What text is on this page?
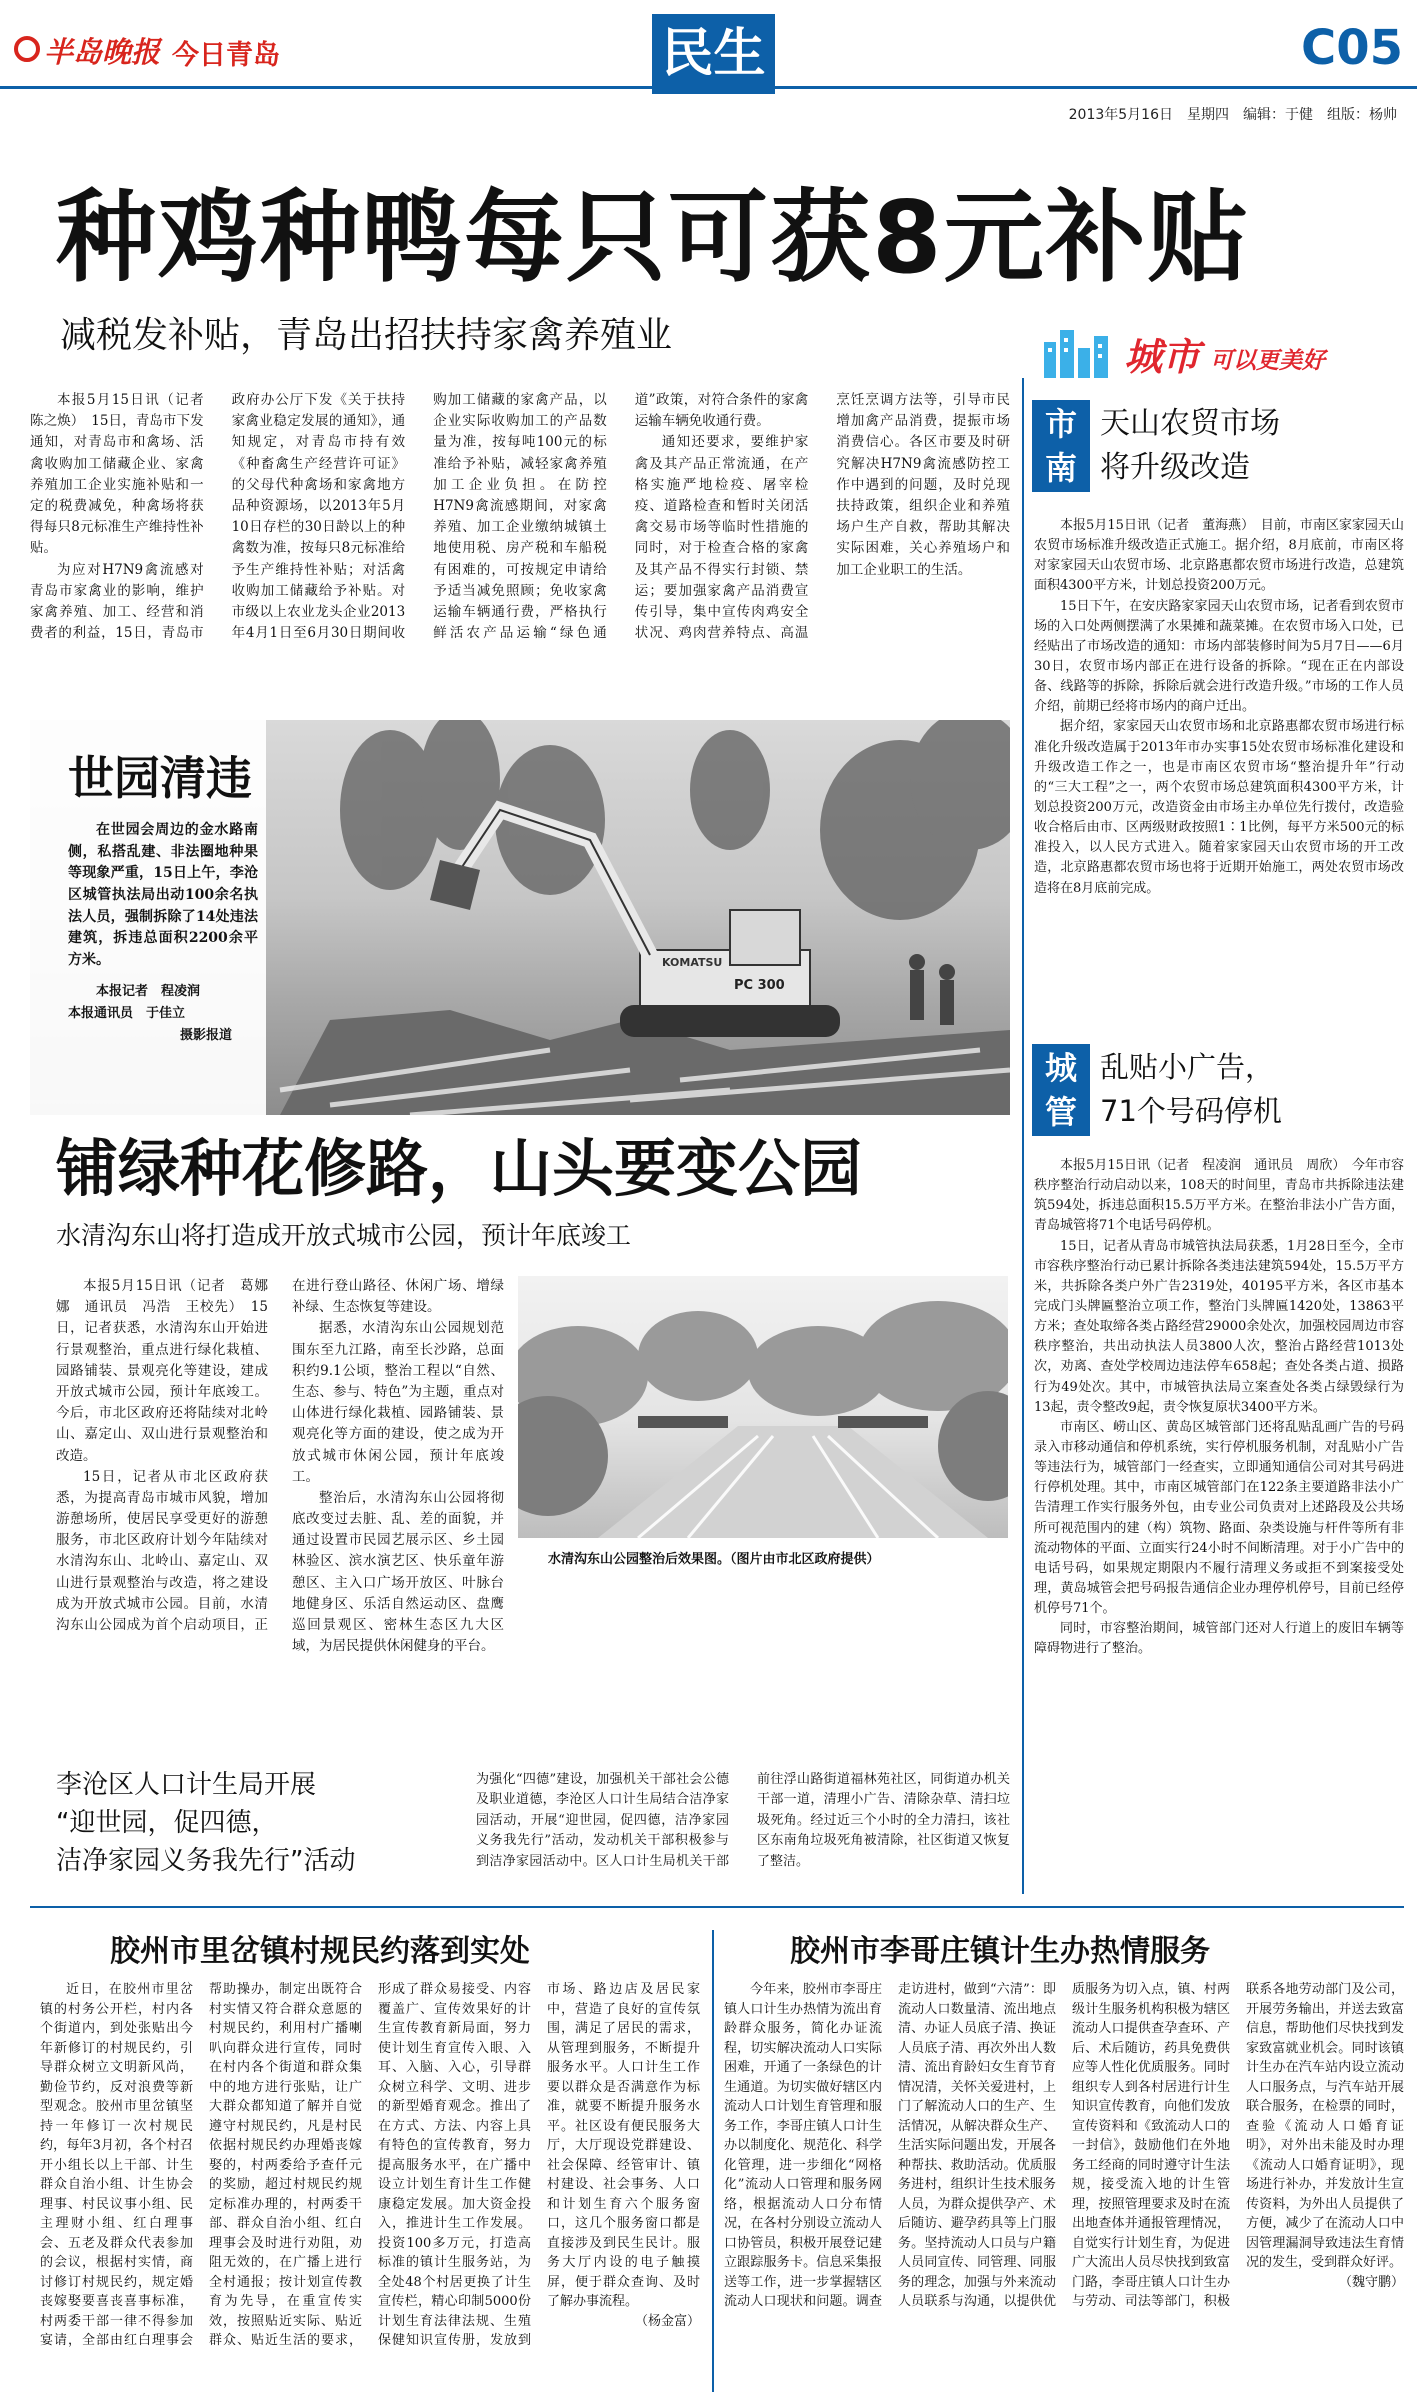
半岛晚报 今日青岛	民生	C05
2013年5月16日　星期四　编辑：于健　组版：杨帅
种鸡种鸭每只可获8元补贴
减税发补贴，青岛出招扶持家禽养殖业

本报5月15日讯（记者　陈之焕）　15日，青岛市下发通知，对青岛市和禽场、活禽收购加工储藏企业、家禽养殖加工企业实施补贴和一定的税费减免，种禽场将获得每只8元标准生产维持性补贴。

为应对H7N9禽流感对青岛市家禽业的影响，维护家禽养殖、加工、经营和消费者的利益，15日，青岛市政府办公厅下发《关于扶持家禽业稳定发展的通知》，通知规定，对青岛市持有效《种畜禽生产经营许可证》的父母代种禽场和家禽地方品种资源场，以2013年5月10日存栏的30日龄以上的种禽数为准，按每只8元标准给予生产维持性补贴；对活禽收购加工储藏给予补贴。对市级以上农业龙头企业2013年4月1日至6月30日期间收购加工储藏的家禽产品，以企业实际收购加工的产品数量为准，按每吨100元的标准给予补贴，减轻家禽养殖加工企业负担。在防控H7N9禽流感期间，对家禽养殖、加工企业缴纳城镇土地使用税、房产税和车船税有困难的，可按规定申请给予适当减免照顾；免收家禽运输车辆通行费，严格执行鲜活农产品运输“绿色通道”政策，对符合条件的家禽运输车辆免收通行费。

通知还要求，要维护家禽及其产品正常流通，在产格实施严地检疫、屠宰检疫、道路检查和暂时关闭活禽交易市场等临时性措施的同时，对于检查合格的家禽及其产品不得实行封锁、禁运；要加强家禽产品消费宣传引导，集中宣传肉鸡安全状况、鸡肉营养特点、高温烹饪烹调方法等，引导市民增加禽产品消费，提振市场消费信心。各区市要及时研究解决H7N9禽流感防控工作中遇到的问题，及时兑现扶持政策，组织企业和养殖场户生产自救，帮助其解决实际困难，关心养殖场户和加工企业职工的生活。

KOMATSU
PC 300
世园清违
在世园会周边的金水路南侧，私搭乱建、非法圈地种果等现象严重，15日上午，李沧区城管执法局出动100余名执法人员，强制拆除了14处违法建筑，拆违总面积2200余平方米。
本报记者　程凌润
本报通讯员　于佳立
摄影报道
铺绿种花修路，山头要变公园
水清沟东山将打造成开放式城市公园，预计年底竣工

本报5月15日讯（记者　葛娜娜　通讯员　冯浩　王校先）　15日，记者获悉，水清沟东山开始进行景观整治，重点进行绿化栽植、园路铺装、景观亮化等建设，建成开放式城市公园，预计年底竣工。今后，市北区政府还将陆续对北岭山、嘉定山、双山进行景观整治和改造。

15日，记者从市北区政府获悉，为提高青岛市城市风貌，增加游憩场所，使居民享受更好的游憩服务，市北区政府计划今年陆续对水清沟东山、北岭山、嘉定山、双山进行景观整治与改造，将之建设成为开放式城市公园。目前，水清沟东山公园成为首个启动项目，正在进行登山路径、休闲广场、增绿补绿、生态恢复等建设。

据悉，水清沟东山公园规划范围东至九江路，南至长沙路，总面积约9.1公顷，整治工程以“自然、生态、参与、特色”为主题，重点对山体进行绿化栽植、园路铺装、景观亮化等方面的建设，使之成为开放式城市休闲公园，预计年底竣工。

整治后，水清沟东山公园将彻底改变过去脏、乱、差的面貌，并通过设置市民园艺展示区、乡土园林验区、滨水演艺区、快乐童年游憩区、主入口广场开放区、叶脉台地健身区、乐活自然运动区、盘鹰巡回景观区、密林生态区九大区域，为居民提供休闲健身的平台。

水清沟东山公园整治后效果图。（图片由市北区政府提供）
李沧区人口计生局开展
“迎世园，促四德，
洁净家园义务我先行”活动
为强化“四德”建设，加强机关干部社会公德及职业道德，李沧区人口计生局结合洁净家园活动，开展“迎世园，促四德，洁净家园义务我先行”活动，发动机关干部积极参与到洁净家园活动中。区人口计生局机关干部前往浮山路街道福林苑社区，同街道办机关干部一道，清理小广告、清除杂草、清扫垃圾死角。经过近三个小时的全力清扫，该社区东南角垃圾死角被清除，社区街道又恢复了整洁。
城市 可以更美好
市南
天山农贸市场
将升级改造

本报5月15日讯（记者　董海燕）　目前，市南区家家园天山农贸市场标准升级改造正式施工。据介绍，8月底前，市南区将对家家园天山农贸市场、北京路惠都农贸市场进行改造，总建筑面积4300平方米，计划总投资200万元。

15日下午，在安庆路家家园天山农贸市场，记者看到农贸市场的入口处两侧摆满了水果摊和蔬菜摊。在农贸市场入口处，已经贴出了市场改造的通知：市场内部装修时间为5月7日——6月30日，农贸市场内部正在进行设备的拆除。“现在正在内部设备、线路等的拆除，拆除后就会进行改造升级。”市场的工作人员介绍，前期已经将市场内的商户迁出。

据介绍，家家园天山农贸市场和北京路惠都农贸市场进行标准化升级改造属于2013年市办实事15处农贸市场标准化建设和升级改造工作之一，也是市南区农贸市场“整治提升年”行动的“三大工程”之一，两个农贸市场总建筑面积4300平方米，计划总投资200万元，改造资金由市场主办单位先行拨付，改造验收合格后由市、区两级财政按照1∶1比例，每平方米500元的标准投入，以人民方式进入。随着家家园天山农贸市场的开工改造，北京路惠都农贸市场也将于近期开始施工，两处农贸市场改造将在8月底前完成。

城管
乱贴小广告，
71个号码停机

本报5月15日讯（记者　程凌润　通讯员　周欣）　今年市容秩序整治行动启动以来，108天的时间里，青岛市共拆除违法建筑594处，拆违总面积15.5万平方米。在整治非法小广告方面，青岛城管将71个电话号码停机。

15日，记者从青岛市城管执法局获悉，1月28日至今，全市市容秩序整治行动已累计拆除各类违法建筑594处，15.5万平方米，共拆除各类户外广告2319处，40195平方米，各区市基本完成门头牌匾整治立项工作，整治门头牌匾1420处，13863平方米；查处取缔各类占路经营29000余处次，加强校园周边市容秩序整治，共出动执法人员3800人次，整治占路经营1013处次，劝离、查处学校周边违法停车658起；查处各类占道、损路行为49处次。其中，市城管执法局立案查处各类占绿毁绿行为13起，责令整改9起，责令恢复原状3400平方米。

市南区、崂山区、黄岛区城管部门还将乱贴乱画广告的号码录入市移动通信和停机系统，实行停机服务机制，对乱贴小广告等违法行为，城管部门一经查实，立即通知通信公司对其号码进行停机处理。其中，市南区城管部门在122条主要道路非法小广告清理工作实行服务外包，由专业公司负责对上述路段及公共场所可视范围内的建（构）筑物、路面、杂类设施与杆件等所有非流动物体的平面、立面实行24小时不间断清理。对于小广告中的电话号码，如果规定期限内不履行清理义务或拒不到案接受处理，黄岛城管会把号码报告通信企业办理停机停号，目前已经停机停号71个。

同时，市容整治期间，城管部门还对人行道上的废旧车辆等障碍物进行了整治。

胶州市里岔镇村规民约落到实处

近日，在胶州市里岔镇的村务公开栏，村内各个街道内，到处张贴出今年新修订的村规民约，引导群众树立文明新风尚，勤俭节约，反对浪费等新型观念。胶州市里岔镇坚持一年修订一次村规民约，每年3月初，各个村召开小组长以上干部、计生群众自治小组、计生协会理事、村民议事小组、民主理财小组、红白理事会、五老及群众代表参加的会议，根据村实情，商讨修订村规民约，规定婚丧嫁娶要喜丧喜事标准，村两委干部一律不得参加宴请，全部由红白理事会帮助操办，制定出既符合村实情又符合群众意愿的村规民约，利用村广播喇叭向群众进行宣传，同时在村内各个街道和群众集中的地方进行张贴，让广大群众都知道了解并自觉遵守村规民约，凡是村民依据村规民约办理婚丧嫁娶的，村两委给予查仟元的奖励，超过村规民约规定标准办理的，村两委干部、群众自治小组、红白理事会及时进行劝阻，劝阻无效的，在广播上进行全村通报；按计划宣传教育为先导，在重宣传实效，按照贴近实际、贴近群众、贴近生活的要求，形成了群众易接受、内容覆盖广、宣传效果好的计生宣传教育新局面，努力使计划生育宣传入眼、入耳、入脑、入心，引导群众树立科学、文明、进步的新型婚育观念。推出了在方式、方法、内容上具有特色的宣传教育，努力提高服务水平，在广播中设立计划生育计生工作健康稳定发展。加大资金投入，推进计生工作发展。投资100多万元，打造高标准的镇计生服务站，为全处48个村居更换了计生宣传栏，精心印制5000份计划生育法律法规、生殖保健知识宣传册，发放到市场、路边店及居民家中，营造了良好的宣传氛围，满足了居民的需求，从管理到服务，不断提升服务水平。人口计生工作要以群众是否满意作为标准，就要不断提升服务水平。社区设有便民服务大厅，大厅现设党群建设、社会保障、经管审计、镇村建设、社会事务、人口和计划生育六个服务窗口，这几个服务窗口都是直接涉及到民生民计。服务大厅内设的电子触摸屏，便于群众查询、及时了解办事流程。

（杨金富）

胶州市李哥庄镇计生办热情服务

今年来，胶州市李哥庄镇人口计生办热情为流出育龄群众服务，简化办证流程，切实解决流动人口实际困难，开通了一条绿色的计生通道。为切实做好辖区内流动人口计划生育管理和服务工作，李哥庄镇人口计生办以制度化、规范化、科学化管理，进一步细化“网格化”流动人口管理和服务网络，根据流动人口分布情况，在各村分别设立流动人口协管员，积极开展登记建立跟踪服务卡。信息采集报送等工作，进一步掌握辖区流动人口现状和问题。调查走访进村，做到“六清”：即流动人口数量清、流出地点清、办证人员底子清、换证人员底子清、再次外出人数清、流出育龄妇女生育节育情况清，关怀关爱进村，上门了解流动人口的生产、生活情况，从解决群众生产、生活实际问题出发，开展各种帮扶、救助活动。优质服务进村，组织计生技术服务人员，为群众提供孕产、术后随访、避孕药具等上门服务。坚持流动人口员与户籍人员同宣传、同管理、同服务的理念，加强与外来流动人员联系与沟通，以提供优质服务为切入点，镇、村两级计生服务机构积极为辖区流动人口提供查孕查环、产后、术后随访，药具免费供应等人性化优质服务。同时组织专人到各村居进行计生知识宣传教育，向他们发放宣传资料和《致流动人口的一封信》，鼓励他们在外地务工经商的同时遵守计生法规，接受流入地的计生管理，按照管理要求及时在流出地查体并通报管理情况，自觉实行计划生育，为促进广大流出人员尽快找到致富门路，李哥庄镇人口计生办与劳动、司法等部门，积极联系各地劳动部门及公司，开展劳务输出，并送去致富信息，帮助他们尽快找到发家致富就业机会。同时该镇计生办在汽车站内设立流动人口服务点，与汽车站开展联合服务，在检票的同时，查验《流动人口婚育证明》，对外出未能及时办理《流动人口婚育证明》，现场进行补办，并发放计生宣传资料，为外出人员提供了方便，减少了在流动人口中因管理漏洞导致违法生育情况的发生，受到群众好评。

（魏守鹏）
